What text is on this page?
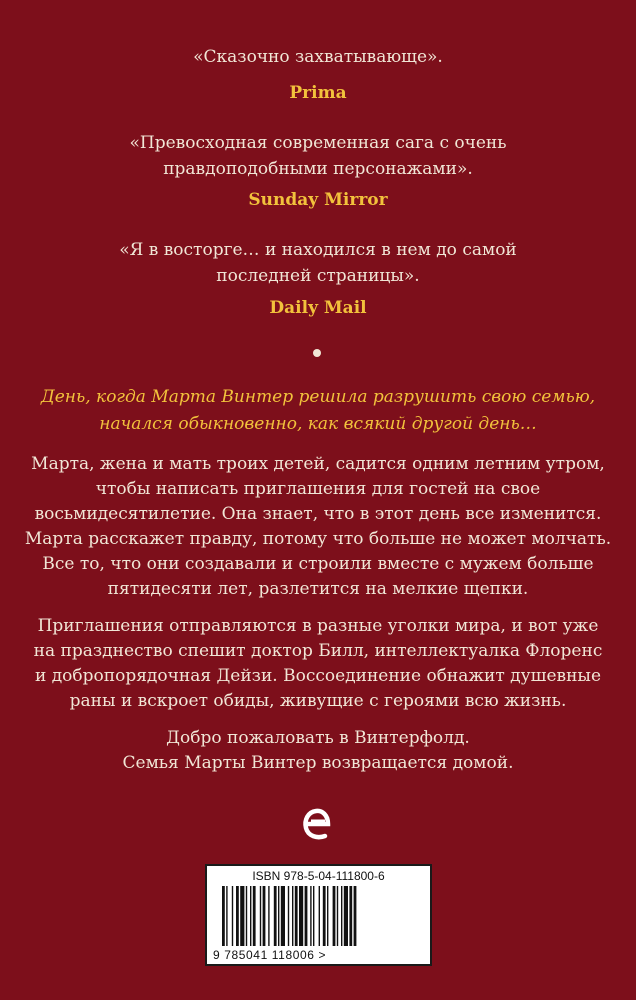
«Сказочно захватывающе».
Prima
«Превосходная современная сага с очень
правдоподобными персонажами».
Sunday Mirror
«Я в восторге… и находился в нем до самой
последней страницы».
Daily Mail
День, когда Марта Винтер решила разрушить свою семью,
начался обыкновенно, как всякий другой день…
Марта, жена и мать троих детей, садится одним летним утром,
чтобы написать приглашения для гостей на свое
восьмидесятилетие. Она знает, что в этот день все изменится.
Марта расскажет правду, потому что больше не может молчать.
Все то, что они создавали и строили вместе с мужем больше
пятидесяти лет, разлетится на мелкие щепки.
Приглашения отправляются в разные уголки мира, и вот уже
на празднество спешит доктор Билл, интеллектуалка Флоренс
и добропорядочная Дейзи. Воссоединение обнажит душевные
раны и вскроет обиды, живущие с героями всю жизнь.
Добро пожаловать в Винтерфолд.
Семья Марты Винтер возвращается домой.
ISBN 978-5-04-111800-6
9 785041 118006 >
